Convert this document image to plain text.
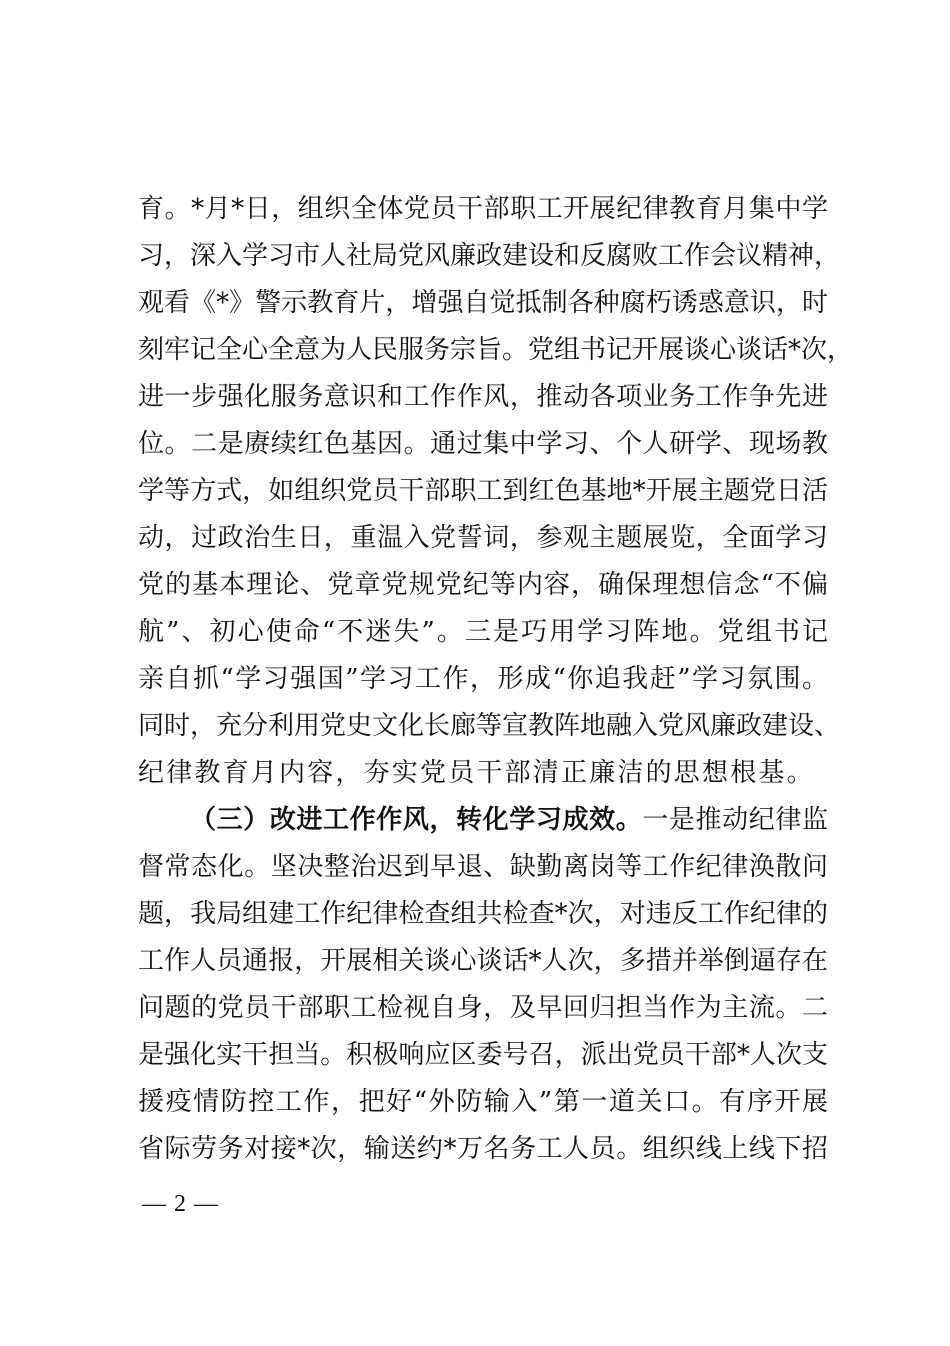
育。*月*日，组织全体党员干部职工开展纪律教育月集中学
习，深入学习市人社局党风廉政建设和反腐败工作会议精神，
观看《*》警示教育片，增强自觉抵制各种腐朽诱惑意识，时
刻牢记全心全意为人民服务宗旨。党组书记开展谈心谈话*次，
进一步强化服务意识和工作作风，推动各项业务工作争先进
位。二是赓续红色基因。通过集中学习、个人研学、现场教
学等方式，如组织党员干部职工到红色基地*开展主题党日活
动，过政治生日，重温入党誓词，参观主题展览，全面学习
党的基本理论、党章党规党纪等内容，确保理想信念“不偏
航”、初心使命“不迷失”。三是巧用学习阵地。党组书记
亲自抓“学习强国”学习工作，形成“你追我赶”学习氛围。
同时，充分利用党史文化长廊等宣教阵地融入党风廉政建设、
纪律教育月内容，夯实党员干部清正廉洁的思想根基。
（三）改进工作作风，转化学习成效。一是推动纪律监
督常态化。坚决整治迟到早退、缺勤离岗等工作纪律涣散问
题，我局组建工作纪律检查组共检查*次，对违反工作纪律的
工作人员通报，开展相关谈心谈话*人次，多措并举倒逼存在
问题的党员干部职工检视自身，及早回归担当作为主流。二
是强化实干担当。积极响应区委号召，派出党员干部*人次支
援疫情防控工作，把好“外防输入”第一道关口。有序开展
省际劳务对接*次，输送约*万名务工人员。组织线上线下招
— 2 —
